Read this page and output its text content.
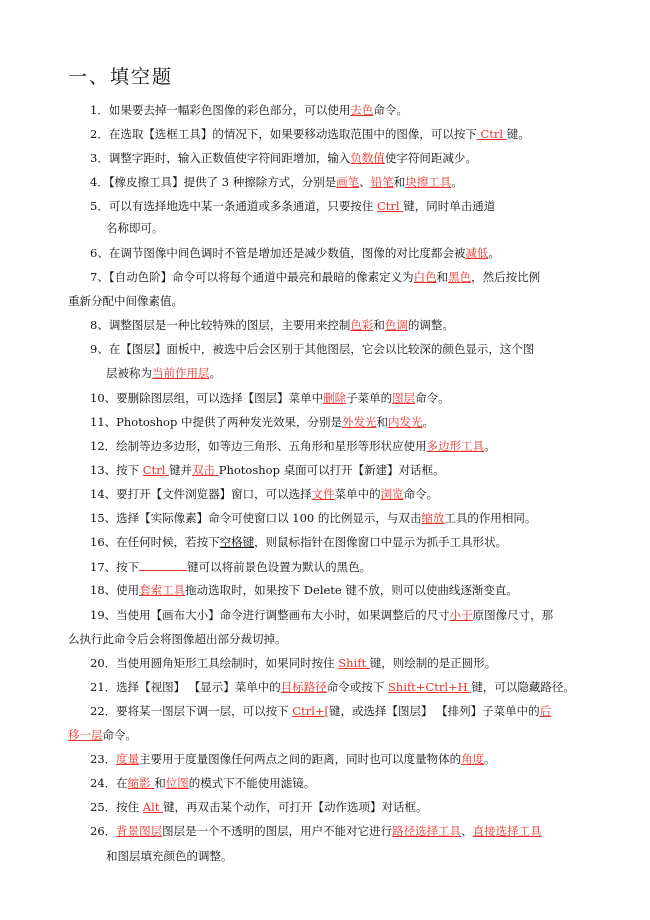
一、填空题
1．如果要去掉一幅彩色图像的彩色部分，可以使用去色命令。
2．在选取【选框工具】的情况下，如果要移动选取范围中的图像，可以按下 Ctrl 键。
3．调整字距时，输入正数值使字符间距增加，输入负数值使字符间距减少。
4．【橡皮擦工具】提供了 3 种擦除方式，分别是画笔、铅笔和块擦工具。
5．可以有选择地选中某一条通道或多条通道，只要按住 Ctrl 键，同时单击通道
名称即可。
6、在调节图像中间色调时不管是增加还是减少数值，图像的对比度都会被减低。
7、【自动色阶】命令可以将每个通道中最亮和最暗的像素定义为白色和黑色，然后按比例
重新分配中间像素值。
8、调整图层是一种比较特殊的图层，主要用来控制色彩和色调的调整。
9、在【图层】面板中，被选中后会区别于其他图层，它会以比较深的颜色显示，这个图
层被称为当前作用层。
10、要删除图层组，可以选择【图层】菜单中删除子菜单的图层命令。
11、Photoshop 中提供了两种发光效果，分别是外发光和内发光。
12．绘制等边多边形，如等边三角形、五角形和星形等形状应使用多边形工具。
13、按下 Ctrl 键并双击 Photoshop 桌面可以打开【新建】对话框。
14、要打开【文件浏览器】窗口，可以选择文件菜单中的浏览命令。
15、选择【实际像素】命令可使窗口以 100 的比例显示，与双击缩放工具的作用相同。
16、在任何时候，若按下空格键，则鼠标指针在图像窗口中显示为抓手工具形状。
17、按下	键可以将前景色设置为默认的黑色。
18、使用套索工具拖动选取时，如果按下 Delete 键不放，则可以使曲线逐渐变直。
19、当使用【画布大小】命令进行调整画布大小时，如果调整后的尺寸小于原图像尺寸，那
么执行此命令后会将图像超出部分裁切掉。
20．当使用圆角矩形工具绘制时，如果同时按住 Shift 键，则绘制的是正圆形。
21．选择【视图】 【显示】菜单中的目标路径命令或按下 Shift+Ctrl+H 键，可以隐藏路径。
22．要将某一图层下调一层，可以按下 Ctrl+[键，或选择【图层】 【排列】子菜单中的后
移一层命令。
23．度量主要用于度量图像任何两点之间的距离，同时也可以度量物体的角度。
24．在缩影 和位图的模式下不能使用滤镜。
25．按住 Alt 键，再双击某个动作，可打开【动作选项】对话框。
26．背景图层图层是一个不透明的图层，用户不能对它进行路径选择工具、直接选择工具
和图层填充颜色的调整。
